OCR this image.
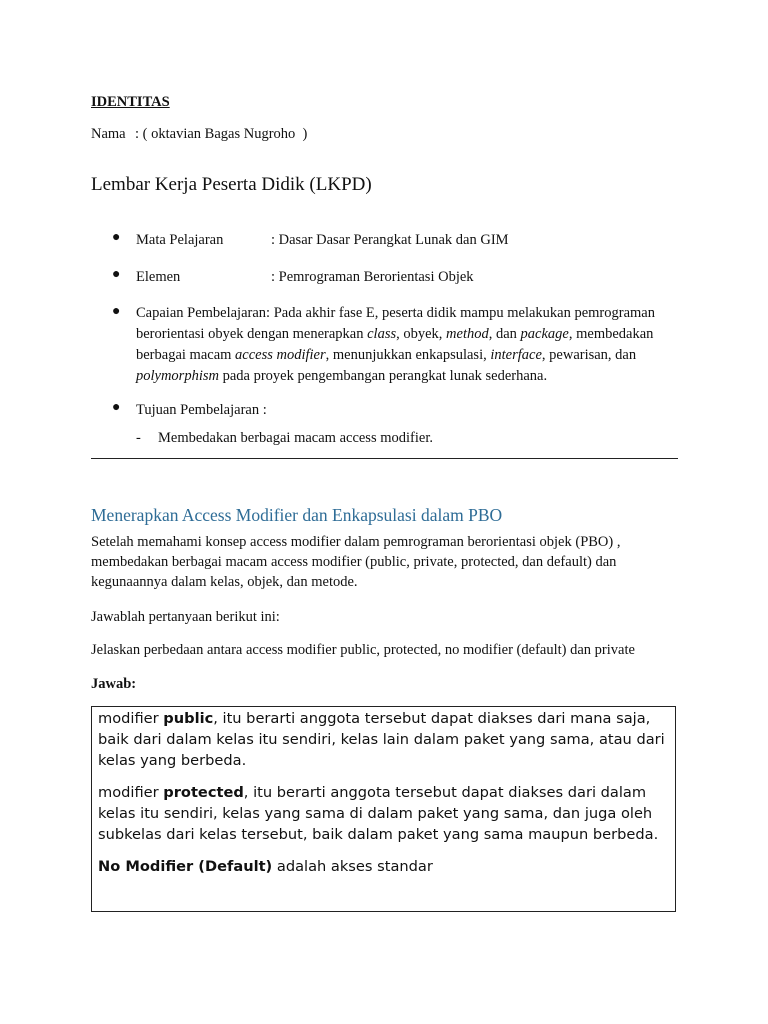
IDENTITAS
Nama : ( oktavian Bagas Nugroho  )
Lembar Kerja Peserta Didik (LKPD)
● Mata Pelajaran	: Dasar Dasar Perangkat Lunak dan GIM
● Elemen	: Pemrograman Berorientasi Objek
● Capaian Pembelajaran: Pada akhir fase E, peserta didik mampu melakukan pemrograman berorientasi obyek dengan menerapkan class, obyek, method, dan package, membedakan berbagai macam access modifier, menunjukkan enkapsulasi, interface, pewarisan, dan polymorphism pada proyek pengembangan perangkat lunak sederhana.
● Tujuan Pembelajaran :
- Membedakan berbagai macam access modifier.
Menerapkan Access Modifier dan Enkapsulasi dalam PBO
Setelah memahami konsep access modifier dalam pemrograman berorientasi objek (PBO) , membedakan berbagai macam access modifier (public, private, protected, dan default) dan kegunaannya dalam kelas, objek, dan metode.
Jawablah pertanyaan berikut ini:
Jelaskan perbedaan antara access modifier public, protected, no modifier (default) dan private
Jawab:

modifier public, itu berarti anggota tersebut dapat diakses dari mana saja, baik dari dalam kelas itu sendiri, kelas lain dalam paket yang sama, atau dari kelas yang berbeda.

modifier protected, itu berarti anggota tersebut dapat diakses dari dalam kelas itu sendiri, kelas yang sama di dalam paket yang sama, dan juga oleh subkelas dari kelas tersebut, baik dalam paket yang sama maupun berbeda.

No Modifier (Default) adalah akses standar
